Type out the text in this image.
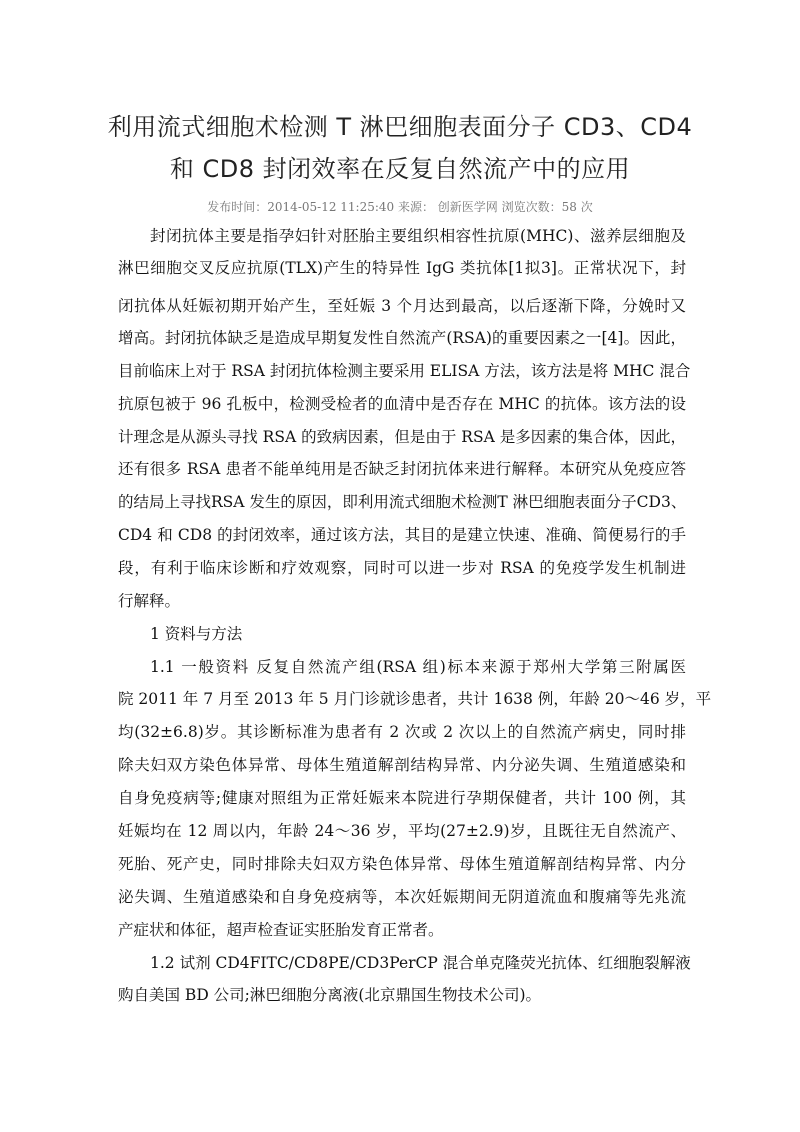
利用流式细胞术检测 T 淋巴细胞表面分子 CD3、CD4
和 CD8 封闭效率在反复自然流产中的应用
发布时间：2014-05-12 11:25:40 来源： 创新医学网 浏览次数：58 次
封闭抗体主要是指孕妇针对胚胎主要组织相容性抗原(MHC)、滋养层细胞及
淋巴细胞交叉反应抗原(TLX)产生的特异性 IgG 类抗体[1拟3]。正常状况下，封
闭抗体从妊娠初期开始产生，至妊娠 3 个月达到最高，以后逐渐下降，分娩时又
增高。封闭抗体缺乏是造成早期复发性自然流产(RSA)的重要因素之一[4]。因此，
目前临床上对于 RSA 封闭抗体检测主要采用 ELISA 方法，该方法是将 MHC 混合
抗原包被于 96 孔板中，检测受检者的血清中是否存在 MHC 的抗体。该方法的设
计理念是从源头寻找 RSA 的致病因素，但是由于 RSA 是多因素的集合体，因此，
还有很多 RSA 患者不能单纯用是否缺乏封闭抗体来进行解释。本研究从免疫应答
的结局上寻找RSA 发生的原因，即利用流式细胞术检测T 淋巴细胞表面分子CD3、
CD4 和 CD8 的封闭效率，通过该方法，其目的是建立快速、准确、简便易行的手
段，有利于临床诊断和疗效观察，同时可以进一步对 RSA 的免疫学发生机制进
行解释。
1 资料与方法
1.1 一般资料 反复自然流产组(RSA 组)标本来源于郑州大学第三附属医
院 2011 年 7 月至 2013 年 5 月门诊就诊患者，共计 1638 例，年龄 20～46 岁，平
均(32±6.8)岁。其诊断标准为患者有 2 次或 2 次以上的自然流产病史，同时排
除夫妇双方染色体异常、母体生殖道解剖结构异常、内分泌失调、生殖道感染和
自身免疫病等;健康对照组为正常妊娠来本院进行孕期保健者，共计 100 例，其
妊娠均在 12 周以内，年龄 24～36 岁，平均(27±2.9)岁，且既往无自然流产、
死胎、死产史，同时排除夫妇双方染色体异常、母体生殖道解剖结构异常、内分
泌失调、生殖道感染和自身免疫病等，本次妊娠期间无阴道流血和腹痛等先兆流
产症状和体征，超声检查证实胚胎发育正常者。
1.2 试剂 CD4FITC/CD8PE/CD3PerCP 混合单克隆荧光抗体、红细胞裂解液
购自美国 BD 公司;淋巴细胞分离液(北京鼎国生物技术公司)。
